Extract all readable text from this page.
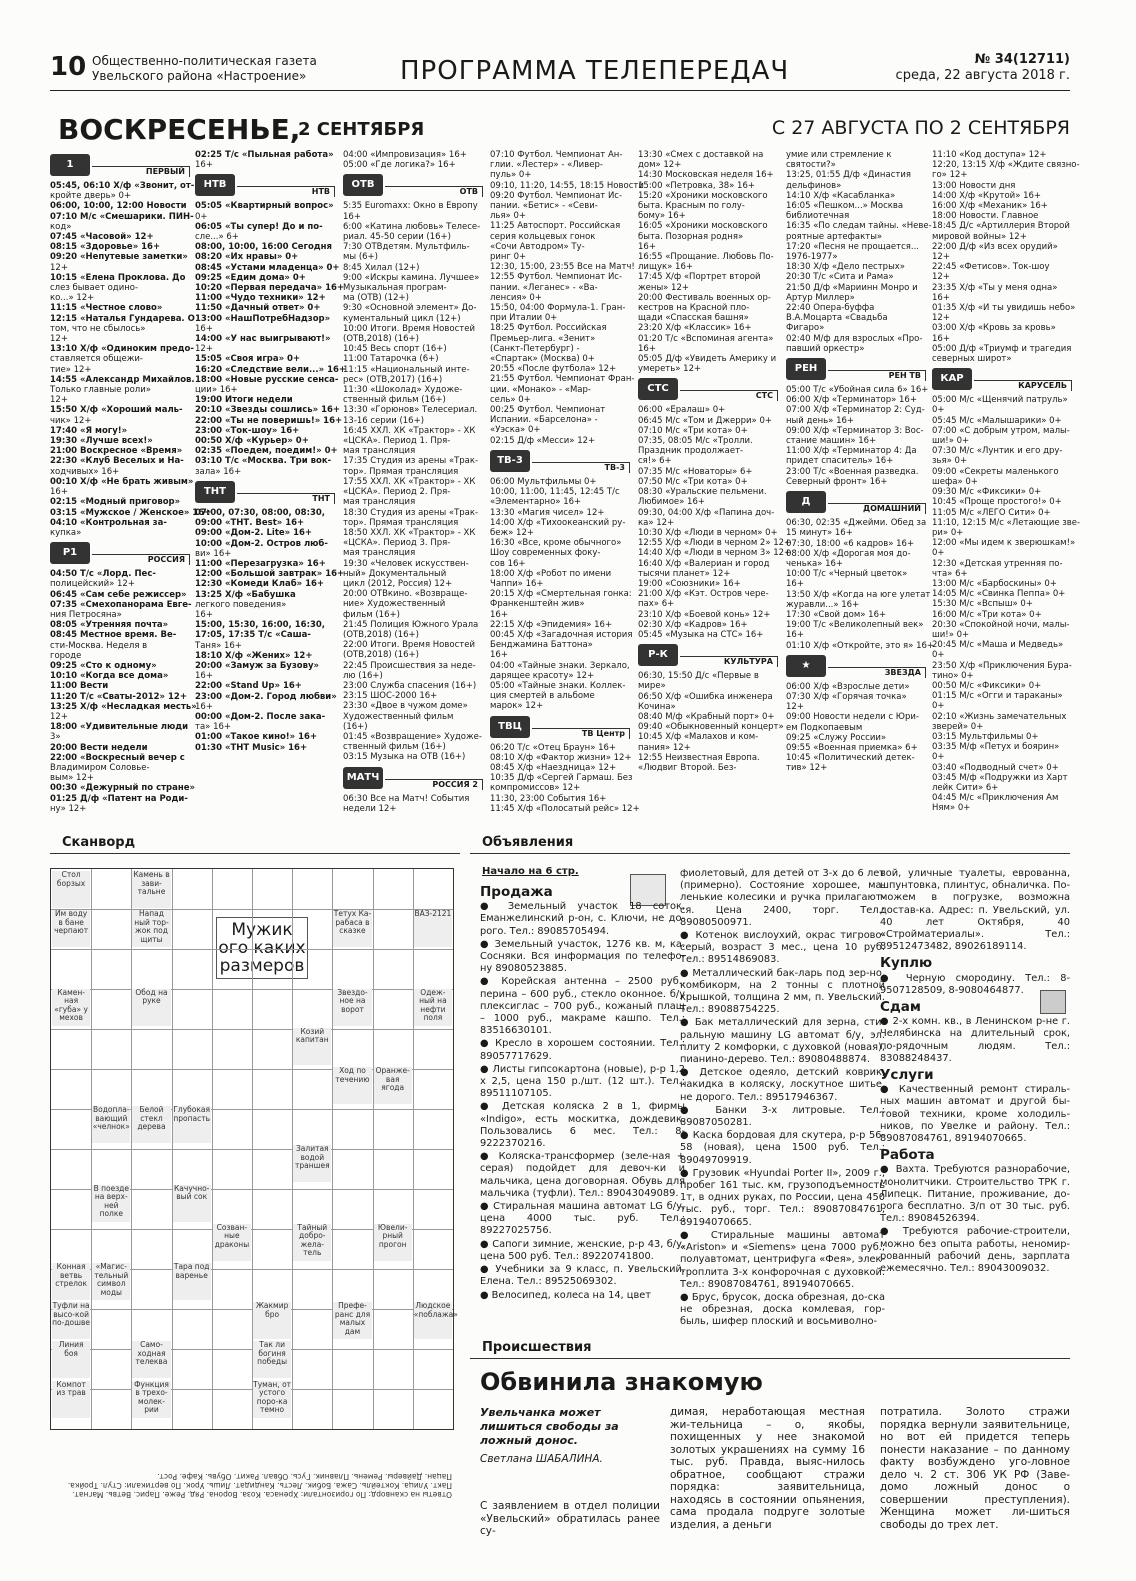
10 Общественно-политическая газета
Увельского района «Настроение»	ПРОГРАММА ТЕЛЕПЕРЕДАЧ	№ 34(12711)
среда, 22 августа 2018 г.
ВОСКРЕСЕНЬЕ,
2 СЕНТЯБРЯ	С 27 АВГУСТА ПО 2 СЕНТЯБРЯ
1
ПЕРВЫЙ
05:45, 06:10 Х/ф «Звонит, от-
кройте дверь» 0+
06:00, 10:00, 12:00 Новости
07:10 М/с «Смешарики. ПИН-
код»
07:45 «Часовой» 12+
08:15 «Здоровье» 16+
09:20 «Непутевые заметки»
12+
10:15 «Елена Проклова. До
слез бывает одино-
ко...» 12+
11:15 «Честное слово»
12:15 «Наталья Гундарева. О
том, что не сбылось»
12+
13:10 Х/ф «Одиноким предо-
ставляется общежи-
тие» 12+
14:55 «Александр Михайлов.
Только главные роли»
12+
15:50 Х/ф «Хороший маль-
чик» 12+
17:40 «Я могу!»
19:30 «Лучше всех!»
21:00 Воскресное «Время»
22:30 «Клуб Веселых и На-
ходчивых» 16+
00:10 Х/ф «Не брать живым»
16+
02:15 «Модный приговор»
03:15 «Мужское / Женское» 16+
04:10 «Контрольная за-
купка»
Р1
РОССИЯ
04:50 Т/с «Лорд. Пес-
полицейский» 12+
06:45 «Сам себе режиссер»
07:35 «Смехопанорама Евге-
ния Петросяна»
08:05 «Утренняя почта»
08:45 Местное время. Ве-
сти-Москва. Неделя в
городе
09:25 «Сто к одному»
10:10 «Когда все дома»
11:00 Вести
11:20 Т/с «Сваты-2012» 12+
13:25 Х/ф «Несладкая месть»
12+
18:00 «Удивительные люди
3»
20:00 Вести недели
22:00 «Воскресный вечер с
Владимиром Соловье-
вым» 12+
00:30 «Дежурный по стране»
01:25 Д/ф «Патент на Роди-
ну» 12+
02:25 Т/с «Пыльная работа»
16+
НТВ
НТВ
05:05 «Квартирный вопрос»
0+
06:05 «Ты супер! До и по-
сле...» 6+
08:00, 10:00, 16:00 Сегодня
08:20 «Их нравы» 0+
08:45 «Устами младенца» 0+
09:25 «Едим дома» 0+
10:20 «Первая передача» 16+
11:00 «Чудо техники» 12+
11:50 «Дачный ответ» 0+
13:00 «НашПотребНадзор»
16+
14:00 «У нас выигрывают!»
12+
15:05 «Своя игра» 0+
16:20 «Следствие вели...» 16+
18:00 «Новые русские сенса-
ции» 16+
19:00 Итоги недели
20:10 «Звезды сошлись» 16+
22:00 «Ты не поверишь!» 16+
23:00 «Ток-шоу» 16+
00:50 Х/ф «Курьер» 0+
02:35 «Поедем, поедим!» 0+
03:10 Т/с «Москва. Три вок-
зала» 16+
ТНТ
ТНТ
07:00, 07:30, 08:00, 08:30,
09:00 «ТНТ. Best» 16+
09:00 «Дом-2. Lite» 16+
10:00 «Дом-2. Остров люб-
ви» 16+
11:00 «Перезагрузка» 16+
12:00 «Большой завтрак» 16+
12:30 «Комеди Клаб» 16+
13:25 Х/ф «Бабушка
легкого поведения»
16+
15:00, 15:30, 16:00, 16:30,
17:05, 17:35 Т/с «Саша-
Таня» 16+
18:10 Х/ф «Жених» 12+
20:00 «Замуж за Бузову»
16+
22:00 «Stand Up» 16+
23:00 «Дом-2. Город любви»
16+
00:00 «Дом-2. После зака-
та» 16+
01:00 «Такое кино!» 16+
01:30 «THT Music» 16+
04:00 «Импровизация» 16+
05:00 «Где логика?» 16+
ОТВ
ОТВ
5:35 Euromaxx: Окно в Европу
16+
6:00 «Катина любовь» Телесе-
риал. 45-50 серии (16+)
7:30 ОТВдетям. Мультфиль-
мы (6+)
8:45 Хилал (12+)
9:00 «Искры камина. Лучшее»
Музыкальная програм-
ма (ОТВ) (12+)
9:30 «Основной элемент» До-
кументальный цикл (12+)
10:00 Итоги. Время Новостей
(ОТВ,2018) (16+)
10:45 Весь спорт (16+)
11:00 Татарочка (6+)
11:15 «Национальный инте-
рес» (ОТВ,2017) (16+)
11:30 «Шоколад» Художе-
ственный фильм (16+)
13:30 «Горюнов» Телесериал.
13-16 серии (16+)
16:45 ХХЛ. ХК «Трактор» - ХК
«ЦСКА». Период 1. Пря-
мая трансляция
17:35 Студия из арены «Трак-
тор». Прямая трансляция
17:55 ХХЛ. ХК «Трактор» - ХК
«ЦСКА». Период 2. Пря-
мая трансляция
18:30 Студия из арены «Трак-
тор». Прямая трансляция
18:50 ХХЛ. ХК «Трактор» - ХК
«ЦСКА». Период 3. Пря-
мая трансляция
19:30 «Человек искусствен-
ный» Документальный
цикл (2012, Россия) 12+
20:00 ОТВкино. «Возвраще-
ние» Художественный
фильм (16+)
21:45 Полиция Южного Урала
(ОТВ,2018) (16+)
22:00 Итоги. Время Новостей
(ОТВ,2018) (16+)
22:45 Происшествия за неде-
лю (16+)
23:00 Служба спасения (16+)
23:15 ШОС-2000 16+
23:30 «Двое в чужом доме»
Художественный фильм
(16+)
01:45 «Возвращение» Художе-
ственный фильм (16+)
03:15 Музыка на ОТВ (16+)
МАТЧ
РОССИЯ 2
06:30 Все на Матч! События
недели 12+
07:10 Футбол. Чемпионат Ан-
глии. «Лестер» - «Ливер-
пуль» 0+
09:10, 11:20, 14:55, 18:15 Новости
09:20 Футбол. Чемпионат Ис-
пании. «Бетис» - «Севи-
лья» 0+
11:25 Автоспорт. Российская
серия кольцевых гонок
«Сочи Автодром» Ту-
ринг 0+
12:30, 15:00, 23:55 Все на Матч!
12:55 Футбол. Чемпионат Ис-
пании. «Леганес» - «Ва-
ленсия» 0+
15:50, 04:00 Формула-1. Гран-
при Италии 0+
18:25 Футбол. Российская
Премьер-лига. «Зенит»
(Санкт-Петербург) -
«Спартак» (Москва) 0+
20:55 «После футбола» 12+
21:55 Футбол. Чемпионат Фран-
ции. «Монако» - «Мар-
сель» 0+
00:25 Футбол. Чемпионат
Испании. «Барселона» -
«Уэска» 0+
02:15 Д/ф «Месси» 12+
ТВ-3
ТВ-3
06:00 Мультфильмы 0+
10:00, 11:00, 11:45, 12:45 Т/с
«Элементарно» 16+
13:30 «Магия чисел» 12+
14:00 Х/ф «Тихоокеанский ру-
беж» 12+
16:30 «Все, кроме обычного»
Шоу современных фоку-
сов 16+
18:00 Х/ф «Робот по имени
Чаппи» 16+
20:15 Х/ф «Смертельная гонка:
Франкенштейн жив»
16+
22:15 Х/ф «Эпидемия» 16+
00:45 Х/ф «Загадочная история
Бенджамина Баттона»
16+
04:00 «Тайные знаки. Зеркало,
дарящее красоту» 12+
05:00 «Тайные знаки. Коллек-
ция смертей в альбоме
марок» 12+
ТВЦ
ТВ Центр
06:20 Т/с «Отец Браун» 16+
08:10 Х/ф «Фактор жизни» 12+
08:45 Х/ф «Наездница» 12+
10:35 Д/ф «Сергей Гармаш. Без
компромиссов» 12+
11:30, 23:00 События 16+
11:45 Х/ф «Полосатый рейс» 12+
13:30 «Смех с доставкой на
дом» 12+
14:30 Московская неделя 16+
15:00 «Петровка, 38» 16+
15:20 «Хроники московского
быта. Красным по голу-
бому» 16+
16:05 «Хроники московского
быта. Позорная родня»
16+
16:55 «Прощание. Любовь По-
лищук» 16+
17:45 Х/ф «Портрет второй
жены» 12+
20:00 Фестиваль военных ор-
кестров на Красной пло-
щади «Спасская башня»
23:20 Х/ф «Классик» 16+
01:20 Т/с «Вспоминая агента»
16+
05:05 Д/ф «Увидеть Америку и
умереть» 12+
СТС
СТС
06:00 «Ералаш» 0+
06:45 М/с «Том и Джерри» 0+
07:10 М/с «Три кота» 0+
07:35, 08:05 М/с «Тролли.
Праздник продолжает-
ся!» 6+
07:35 М/с «Новаторы» 6+
07:50 М/с «Три кота» 0+
08:30 «Уральские пельмени.
Любимое» 16+
09:30, 04:00 Х/ф «Папина доч-
ка» 12+
10:30 Х/ф «Люди в черном» 0+
12:55 Х/ф «Люди в черном 2» 12+
14:40 Х/ф «Люди в черном 3» 12+
16:40 Х/ф «Валериан и город
тысячи планет» 12+
19:00 «Союзники» 16+
21:00 Х/ф «Кэт. Остров чере-
пах» 6+
23:10 Х/ф «Боевой конь» 12+
02:30 Х/ф «Кадров» 16+
05:45 «Музыка на СТС» 16+
Р-К
КУЛЬТУРА
06:30, 15:50 Д/с «Первые в
мире»
06:50 Х/ф «Ошибка инженера
Кочина»
08:40 М/ф «Крабный порт» 0+
09:40 «Обыкновенный концерт»
10:45 Х/ф «Малахов и ком-
пания» 12+
12:55 Неизвестная Европа.
«Людвиг Второй. Без-
умие или стремление к
святости?»
13:25, 01:55 Д/ф «Династия
дельфинов»
14:10 Х/ф «Касабланка»
16:05 «Пешком...» Москва
библиотечная
16:35 «По следам тайны. «Неве-
роятные артефакты»
17:20 «Песня не прощается...
1976-1977»
18:30 Х/ф «Дело пестрых»
20:30 Т/с «Сита и Рама»
21:50 Д/ф «Мариинн Монро и
Артур Миллер»
22:40 Опера-буффа
В.А.Моцарта «Свадьба
Фигаро»
02:40 М/ф для взрослых «Про-
павший оркестр»
РЕН
РЕН ТВ
05:00 Т/с «Убойная сила 6» 16+
06:00 Х/ф «Терминатор» 16+
07:00 Х/ф «Терминатор 2: Суд-
ный день» 16+
09:00 Х/ф «Терминатор 3: Вос-
стание машин» 16+
11:00 Х/ф «Терминатор 4: Да
придет спаситель» 16+
23:00 Т/с «Военная разведка.
Северный фронт» 16+
Д
ДОМАШНИЙ
06:30, 02:35 «Джейми. Обед за
15 минут» 16+
07:30, 18:00 «6 кадров» 16+
08:00 Х/ф «Дорогая моя до-
ченька» 16+
10:00 Т/с «Черный цветок»
16+
13:50 Х/ф «Когда на юге улетат
журавли...» 16+
17:30 «Свой дом» 16+
19:00 Т/с «Великолепный век»
16+
01:10 Х/ф «Откройте, это я» 16+
★
ЗВЕЗДА
06:00 Х/ф «Взрослые дети»
07:30 Х/ф «Горячая точка»
12+
09:00 Новости недели с Юри-
ем Подкопаевым
09:25 «Служу России»
09:55 «Военная приемка» 6+
10:45 «Политический детек-
тив» 12+
11:10 «Код доступа» 12+
12:20, 13:15 Х/ф «Ждите связно-
го» 12+
13:00 Новости дня
14:00 Х/ф «Крутой» 16+
16:00 Х/ф «Механик» 16+
18:00 Новости. Главное
18:45 Д/с «Артиллерия Второй
мировой войны» 12+
22:00 Д/ф «Из всех орудий»
12+
22:45 «Фетисов». Ток-шоу
12+
23:35 Х/ф «Ты у меня одна»
16+
01:35 Х/ф «И ты увидишь небо»
12+
03:00 Х/ф «Кровь за кровь»
16+
05:00 Д/ф «Триумф и трагедия
северных широт»
КАР
КАРУСЕЛЬ
05:00 М/с «Щенячий патруль»
0+
05:45 М/с «Малышарики» 0+
07:00 «С добрым утром, малы-
ши!» 0+
07:30 М/с «Лунтик и его дру-
зья» 0+
09:00 «Секреты маленького
шефа» 0+
09:30 М/с «Фиксики» 0+
10:45 «Проще простого!» 0+
11:05 М/с «ЛЕГО Сити» 0+
11:10, 12:15 М/с «Летающие зве-
ри» 0+
12:00 «Мы идем к зверюшкам!»
0+
12:30 «Детская утренняя по-
чта» 6+
13:00 М/с «Барбоскины» 0+
14:05 М/с «Свинка Пеппа» 0+
15:30 М/с «Вспыш» 0+
16:00 М/с «Три кота» 0+
20:30 «Спокойной ночи, малы-
ши!» 0+
20:45 М/с «Маша и Медведь»
0+
23:50 Х/ф «Приключения Бура-
тино» 0+
00:50 М/с «Фиксики» 0+
01:15 М/с «Огги и тараканы»
0+
02:10 «Жизнь замечательных
зверей» 0+
03:15 Мультфильмы 0+
03:35 М/ф «Петух и боярин»
0+
03:40 «Подводный счет» 0+
03:45 М/ф «Подружки из Харт
лейк Сити» 6+
04:45 М/с «Приключения Ам
Ням» 0+
Сканворд
Мужик ого каких размеров
Стол борзых
Камень в зави-тальне
Напад ный тор-жок под щиты
Тетух Ка-рабаса в сказке
ВАЗ-2121
Им воду в бане черпают
Камен-ная «губа» у мехов
Обод на руке
Звездо-ное на ворот
Одеж-ный на нефти поля
Козий капитан
Ход по течению
Оранже-вая ягода
Водопла-вающий «челнок»
Белой стекл дерева
Глубокая пропасть
Залитая водой траншея
В поезде на верх-ней полке
Качучно-вый сок
Созван-ные драконы
Тайный добро-жела-тель
Ювели-рный прогон
Конная ветвь стрелок
«Магис-тельный символ моды
Тара под варенье
Туфли на высо-кой по-дошве
Жакмир бро
Префе-ранс для малых дам
Людское «поблажа»
Линия боя
Само-ходная телеква
Так ли богиня победы
Функция в трехо-молек-рии
Компот из трав
Туман, от устого поро-ка темно
Ответы на сканворд: По горизонтали: Хренаса. Коза. Ворона. Ряд. Реже. Парис. Ветвь. Магнат. Пакт. Улица. Коктейль. Сажа. Бобик. Лесть. Кандидат. Лишь. Урок. По вертикали: Стул. Тройка. Пацан. Дайверы. Ремень. Плавник. Гусь. Обвал. Ракит. Обувь. Кафе. Рост.
Объявления
Начало на 6 стр.
Продажа

● Земельный участок 18 соток, Еманжелинский р-он, с. Ключи, не до-рого. Тел.: 89085705494.

● Земельный участок, 1276 кв. м, ка. Сосняки. Вся информация по телефо-ну 89080523885.

● Корейская антенна – 2500 руб., перина – 600 руб., стекло оконное. б/у плексиглас – 700 руб., кожаный плащ – 1000 руб., макраме кашпо. Тел.: 83516630101.

● Кресло в хорошем состоянии. Тел.: 89057717629.

● Листы гипсокартона (новые), р-р 1,2 х 2,5, цена 150 р./шт. (12 шт.). Тел.: 89511107105.

● Детская коляска 2 в 1, фирмы «Indigo», есть москитка, дождевик. Пользовались 6 мес. Тел.: 8-9222370216.

● Коляска-трансформер (зеле-ная + серая) подойдет для девоч-ки и мальчика, цена договорная. Обувь для мальчика (туфли). Тел.: 89043049089.

● Стиральная машина автомат LG б/у, цена 4000 тыс. руб. Тел.: 89227025756.

● Сапоги зимние, женские, р-р 43, б/у, цена 500 руб. Тел.: 89220741800.

● Учебники за 9 класс, п. Увельский. Елена. Тел.: 89525069302.

● Велосипед, колеса на 14, цвет

фиолетовый, для детей от 3-х до 6 лет (примерно). Состояние хорошее, ма-ленькие колесики и ручка прилагают-ся. Цена 2400, торг. Тел.: 89080500971.

● Котенок вислоухий, окрас тигрово-серый, возраст 3 мес., цена 10 руб. Тел.: 89514869083.

● Металлический бак-ларь под зер-но, комбикорм, на 2 тонны с плотной крышкой, толщина 2 мм, п. Увельский. Тел.: 89088754225.

● Бак металлический для зерна, сти-ральную машину LG автомат б/у, эл. плиту 2 комфорки, с духовкой (новая), пианино-дерево. Тел.: 89080488874.

● Детское одеяло, детский коврик, накидка в коляску, лоскутное шитье, не дорого. Тел.: 89517946367.

● Банки 3-х литровые. Тел.: 89087050281.

● Каска бордовая для скутера, р-р 56-58 (новая), цена 1500 руб. Тел.: 89049709919.

● Грузовик «Hyundai Porter II», 2009 г., пробег 161 тыс. км, грузоподъемность 1т, в одних руках, по России, цена 450 тыс. руб., торг. Тел.: 89087084761, 89194070665.

● Стиральные машины автомат «Ariston» и «Siemens» цена 7000 руб., полуавтомат, центрифуга «Фея», элек-троплита 3-х конфорочная с духовкой. Тел.: 89087084761, 89194070665.

● Брус, брусок, доска обрезная, до-ска не обрезная, доска комлевая, гор-быль, шифер плоский и восьмиволно-

вой, уличные туалеты, еврованна, шпунтовка, плинтус, обналичка. По-можем в погрузке, возможна достав-ка. Адрес: п. Увельский, ул. 40 лет Октября, 40 «Стройматериалы». Тел.: 89512473482, 89026189114.

Куплю

● Черную смородину. Тел.: 8-9507128509, 8-9080464877.

Сдам

● 2-х комн. кв., в Ленинском р-не г. Челябинска на длительный срок, по-рядочным людям. Тел.: 83088248437.

Услуги

● Качественный ремонт стираль-ных машин автомат и другой бы-товой техники, кроме холодиль-ников, по Увелке и району. Тел.: 89087084761, 89194070665.

Работа

● Вахта. Требуются разнорабочие, монолитчики. Строительство ТРК г. Липецк. Питание, проживание, до-рога бесплатно. З/п от 30 тыс. руб. Тел.: 89084526394.

● Требуются рабочие-строители, можно без опыта работы, неномир-рованный рабочий день, зарплата ежемесячно. Тел.: 89043009032.

Происшествия
Обвинила знакомую
Увельчанка может лишиться свободы за ложный донос.
Светлана ШАБАЛИНА.
С заявлением в отдел полиции «Увельский» обратилась ранее су-
димая, неработающая местная жи-тельница – о, якобы, похищенных у нее знакомой золотых украшениях на сумму 16 тыс. руб. Правда, выяс-нилось обратное, сообщают стражи порядка: заявительница, находясь в состоянии опьянения, сама продала подруге золотые изделия, а деньги
потратила. Золото стражи порядка вернули заявительнице, но вот ей придется теперь понести наказание – по данному факту возбуждено уго-ловное дело ч. 2 ст. 306 УК РФ (Заве-домо ложный донос о совершении преступления). Женщина может ли-шиться свободы до трех лет.
